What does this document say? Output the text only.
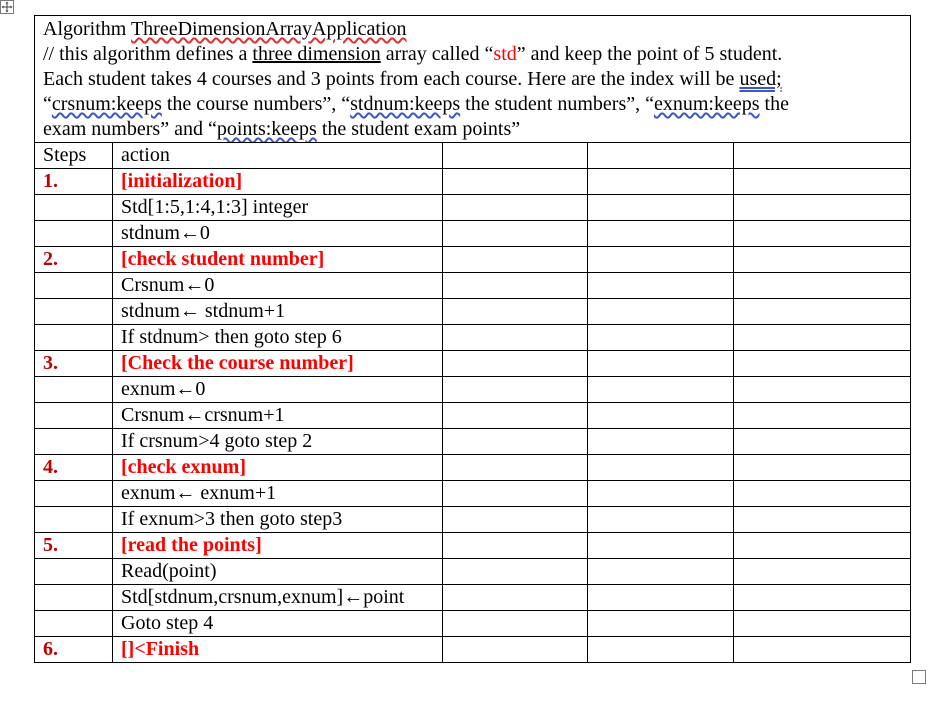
Algorithm ThreeDimensionArrayApplication
// this algorithm defines a three dimension array called “std” and keep the point of 5 student.
Each student takes 4 courses and 3 points from each course. Here are the index will be used;
“crsnum:keeps the course numbers”, “stdnum:keeps the student numbers”, “exnum:keeps the
exam numbers” and “points:keeps the student exam points”				

Steps	action			
1.	[initialization]			
	Std[1:5,1:4,1:3] integer			
	stdnum←0			
2.	[check student number]			
	Crsnum←0			
	stdnum← stdnum+1			
	If stdnum> then goto step 6			
3.	[Check the course number]			
	exnum←0			
	Crsnum←crsnum+1			
	If crsnum>4 goto step 2			
4.	[check exnum]			
	exnum← exnum+1			
	If exnum>3 then goto step3			
5.	[read the points]			
	Read(point)			
	Std[stdnum,crsnum,exnum]←point			
	Goto step 4			
6.	[]<Finish			
